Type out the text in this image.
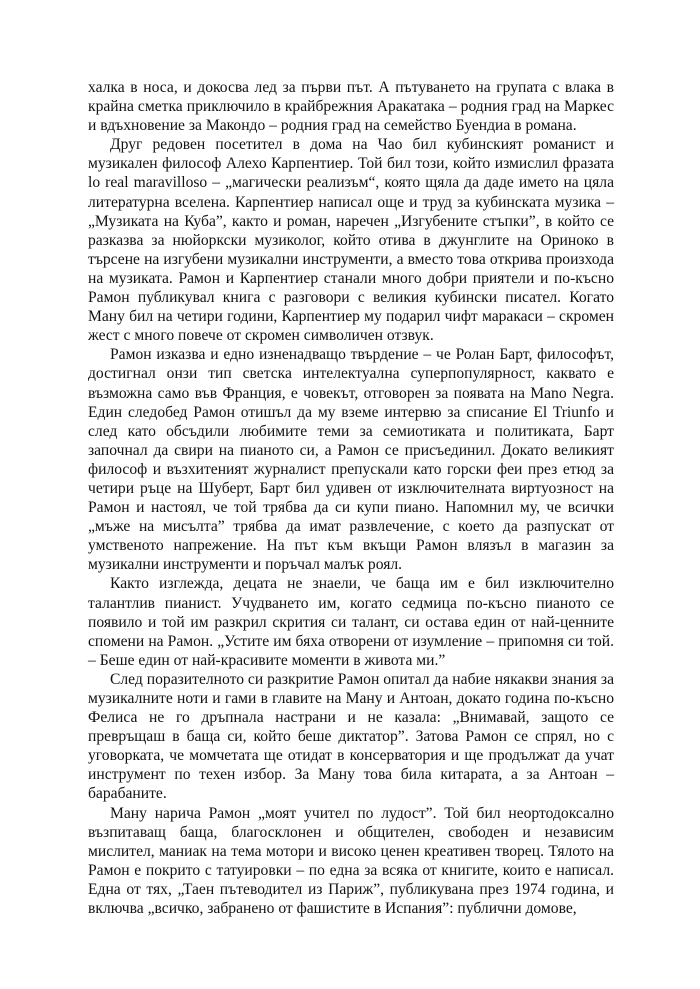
халка в носа, и докосва лед за първи път. А пътуването на групата с влака в крайна сметка приключило в крайбрежния Аракатака – родния град на Маркес и вдъхновение за Макондо – родния град на семейство Буендиа в романа.

Друг редовен посетител в дома на Чао бил кубинският романист и музикален философ Алехо Карпентиер. Той бил този, който измислил фразата lo real maravilloso – „магически реализъм“, която щяла да даде името на цяла литературна вселена. Карпентиер написал още и труд за кубинската музика – „Музиката на Куба”, както и роман, наречен „Изгубените стъпки”, в който се разказва за нюйоркски музиколог, който отива в джунглите на Ориноко в търсене на изгубени музикални инструменти, а вместо това открива произхода на музиката. Рамон и Карпентиер станали много добри приятели и по-късно Рамон публикувал книга с разговори с великия кубински писател. Когато Ману бил на четири години, Карпентиер му подарил чифт маракаси – скромен жест с много повече от скромен символичен отзвук.

Рамон изказва и едно изненадващо твърдение – че Ролан Барт, философът, достигнал онзи тип светска интелектуална суперпопулярност, каквато е възможна само във Франция, е човекът, отговорен за появата на Mano Negra. Един следобед Рамон отишъл да му вземе интервю за списание El Triunfo и след като обсъдили любимите теми за семиотиката и политиката, Барт започнал да свири на пианото си, а Рамон се присъединил. Докато великият философ и възхитеният журналист препускали като горски феи през етюд за четири ръце на Шуберт, Барт бил удивен от изключителната виртуозност на Рамон и настоял, че той трябва да си купи пиано. Напомнил му, че всички „мъже на мисълта” трябва да имат развлечение, с което да разпускат от умственото напрежение. На път към вкъщи Рамон влязъл в магазин за музикални инструменти и поръчал малък роял.

Както изглежда, децата не знаели, че баща им е бил изключително талантлив пианист. Учудването им, когато седмица по-късно пианото се появило и той им разкрил скрития си талант, си остава един от най-ценните спомени на Рамон. „Устите им бяха отворени от изумление – припомня си той. – Беше един от най-красивите моменти в живота ми.”

След поразителното си разкритие Рамон опитал да набие някакви знания за музикалните ноти и гами в главите на Ману и Антоан, докато година по-късно Фелиса не го дръпнала настрани и не казала: „Внимавай, защото се превръщаш в баща си, който беше диктатор”. Затова Рамон се спрял, но с уговорката, че момчетата ще отидат в консерватория и ще продължат да учат инструмент по техен избор. За Ману това била китарата, а за Антоан – барабаните.

Ману нарича Рамон „моят учител по лудост”. Той бил неортодоксално възпитаващ баща, благосклонен и общителен, свободен и независим мислител, маниак на тема мотори и високо ценен креативен творец. Тялото на Рамон е покрито с татуировки – по една за всяка от книгите, които е написал. Една от тях, „Таен пътеводител из Париж”, публикувана през 1974 година, и включва „всичко, забранено от фашистите в Испания”: публични домове,
